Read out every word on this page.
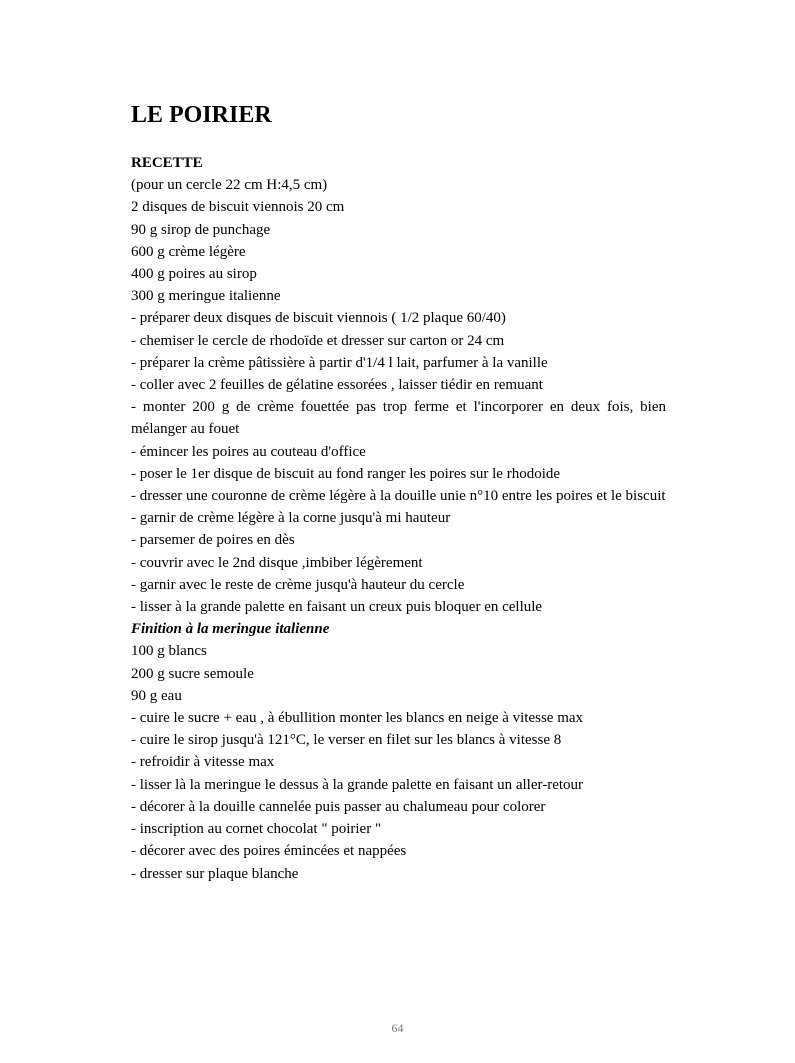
LE POIRIER
RECETTE
(pour un cercle 22 cm H:4,5 cm)
2 disques de biscuit viennois 20 cm
90 g sirop de punchage
600 g crème légère
400 g poires au sirop
300 g meringue italienne
- préparer deux disques de biscuit viennois ( 1/2 plaque 60/40)
- chemiser le cercle de rhodoïde et dresser sur carton or 24 cm
- préparer la crème pâtissière à partir d'1/4 l lait, parfumer à la vanille
- coller avec 2 feuilles de gélatine essorées , laisser tiédir en remuant
- monter 200 g de crème fouettée pas trop ferme et l'incorporer en deux fois, bien mélanger au fouet
- émincer les poires au couteau d'office
- poser le 1er disque de biscuit au fond ranger les poires sur le rhodoide
- dresser une couronne de crème légère à la douille unie n°10 entre les poires et le biscuit
- garnir de crème légère à la corne jusqu'à mi hauteur
- parsemer de poires en dès
- couvrir avec le 2nd disque ,imbiber légèrement
- garnir avec le reste de crème jusqu'à hauteur du cercle
- lisser à la grande palette en faisant un creux puis bloquer en cellule
Finition à la meringue italienne
100 g blancs
200 g sucre semoule
90 g eau
- cuire le sucre + eau , à ébullition monter les blancs en neige à vitesse max
- cuire le sirop jusqu'à 121°C, le verser en filet sur les blancs à vitesse 8
- refroidir à vitesse max
- lisser là la meringue le dessus à la grande palette en faisant un aller-retour
- décorer à la douille cannelée puis passer au chalumeau pour colorer
- inscription au cornet chocolat " poirier "
- décorer avec des poires émincées et nappées
- dresser sur plaque blanche
64
